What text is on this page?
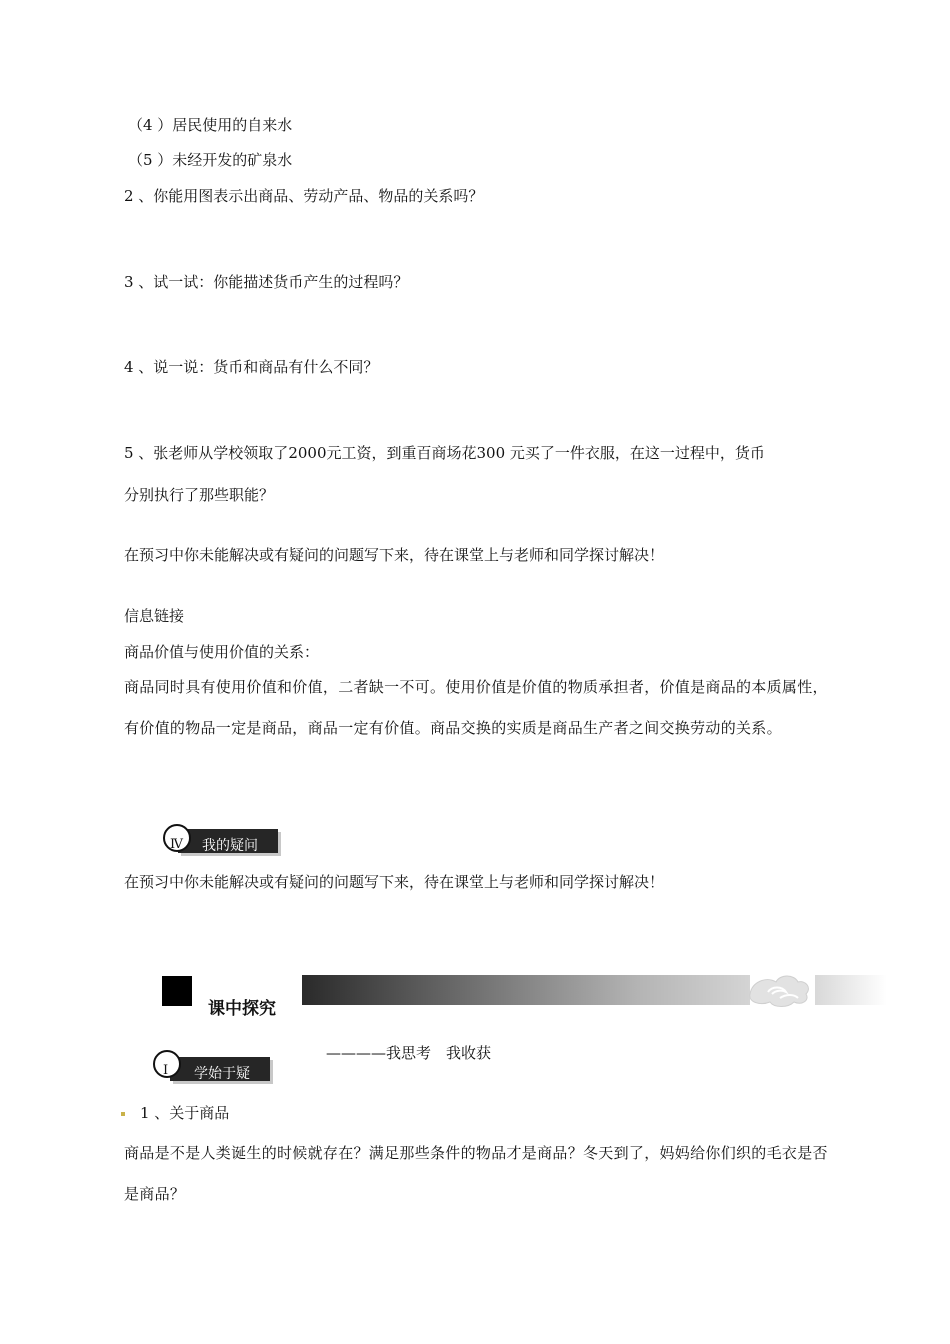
（4 ）居民使用的自来水
（5 ）未经开发的矿泉水
2 、你能用图表示出商品、劳动产品、物品的关系吗？
3 、试一试：你能描述货币产生的过程吗？
4 、说一说：货币和商品有什么不同？
5 、张老师从学校领取了2000元工资，到重百商场花300 元买了一件衣服，在这一过程中，货币
分别执行了那些职能？
在预习中你未能解决或有疑问的问题写下来，待在课堂上与老师和同学探讨解决！
信息链接
商品价值与使用价值的关系：
商品同时具有使用价值和价值，二者缺一不可。使用价值是价值的物质承担者，价值是商品的本质属性，有价值的物品一定是商品，商品一定有价值。商品交换的实质是商品生产者之间交换劳动的关系。
我的疑问
Ⅳ
在预习中你未能解决或有疑问的问题写下来，待在课堂上与老师和同学探讨解决！
课中探究
————我思考　我收获
学始于疑
I
1 、关于商品
商品是不是人类诞生的时候就存在？满足那些条件的物品才是商品？冬天到了，妈妈给你们织的毛衣是否是商品？
